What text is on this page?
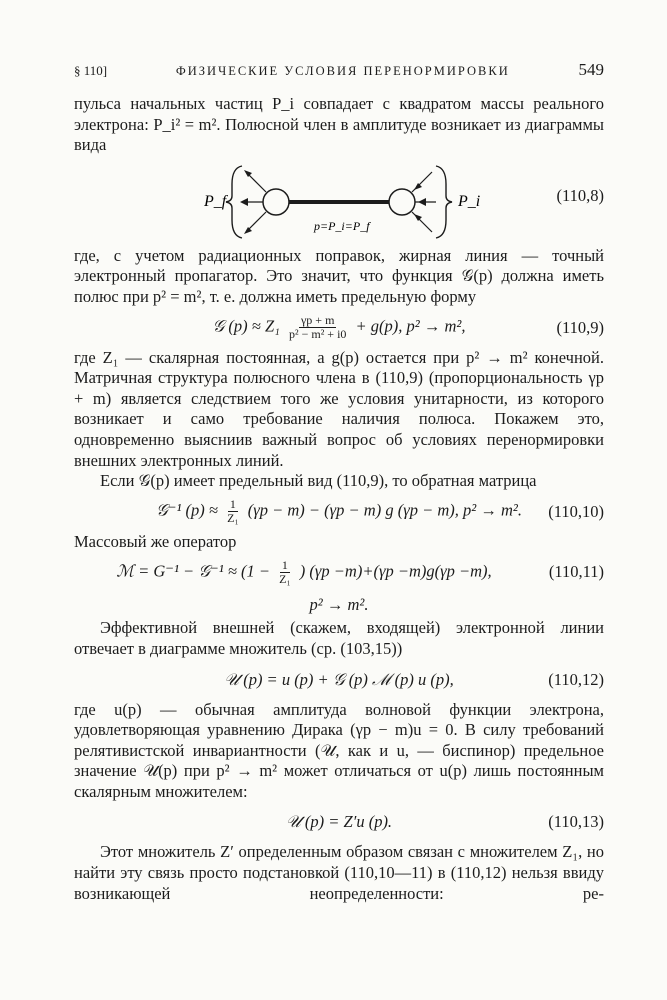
§ 110]	ФИЗИЧЕСКИЕ УСЛОВИЯ ПЕРЕНОРМИРОВКИ	549

пульса начальных частиц P_i совпадает с квадратом массы реального электрона: P_i² = m². Полюсной член в амплитуде возникает из диаграммы вида

P_f	P_i
p=P_i=P_f
(110,8)

где, с учетом радиационных поправок, жирная линия — точный электронный пропагатор. Это значит, что функция 𝒢(p) должна иметь полюс при p² = m², т. е. должна иметь предельную форму

𝒢 $(p) \approx Z_1 \frac{\gamma p + m}{\text{p² − m² + i0}} + g(p)$, p² → m²,	(110,9)

где Z₁ — скалярная постоянная, а g(p) остается при p² → m² конечной. Матричная структура полюсного члена в (110,9) (пропорциональность γp + m) является следствием того же условия унитарности, из которого возникает и само требование наличия полюса. Покажем это, одновременно выясниив важный вопрос об условиях перенормировки внешних электронных линий.

Если 𝒢(p) имеет предельный вид (110,9), то обратная матрица

𝒢⁻¹ $(p) \approx \frac{1}{\text{Z₁}} (\gamma p - m) - (\gamma p - m)$ g (γp − m), p² → m². (110,10)

Массовый же оператор

ℳ = G⁻¹ − 𝒢⁻¹ ≈ ($1 - \frac{1}{\text{Z₁}}$ ) (γp −m)+(γp −m)g(γp −m),	(110,11)
p² → m².

Эффективной внешней (скажем, входящей) электронной линии отвечает в диаграмме множитель (ср. (103,15))

𝒰 (p) = u (p) + 𝒢 (p) ℳ (p) u (p),	(110,12)

где u(p) — обычная амплитуда волновой функции электрона, удовлетворяющая уравнению Дирака (γp − m)u = 0. В силу требований релятивистской инвариантности (𝒰, как и u, — биспинор) предельное значение 𝒰(p) при p² → m² может отличаться от u(p) лишь постоянным скалярным множителем:

𝒰 (p) = Z′u (p).	(110,13)

Этот множитель Z′ определенным образом связан с множителем Z₁, но найти эту связь просто подстановкой (110,10—11) в (110,12) нельзя ввиду возникающей неопределенности: ре-
